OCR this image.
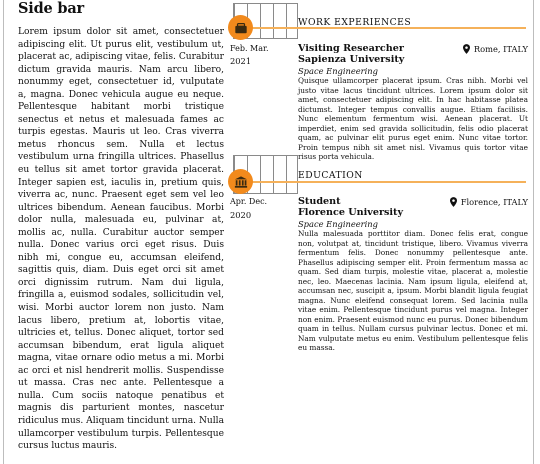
Side bar

Lorem ipsum dolor sit amet, consectetuer adipiscing elit. Ut purus elit, vestibulum ut, placerat ac, adipiscing vitae, felis. Curabitur dictum gravida mauris. Nam arcu libero, nonummy eget, consectetuer id, vulputate a, magna. Donec vehicula augue eu neque. Pellentesque habitant morbi tristique senectus et netus et malesuada fames ac turpis egestas. Mauris ut leo. Cras viverra metus rhoncus sem. Nulla et lectus vestibulum urna fringilla ultrices. Phasellus eu tellus sit amet tortor gravida placerat. Integer sapien est, iaculis in, pretium quis, viverra ac, nunc. Praesent eget sem vel leo ultrices bibendum. Aenean faucibus. Morbi dolor nulla, malesuada eu, pulvinar at, mollis ac, nulla. Curabitur auctor semper nulla. Donec varius orci eget risus. Duis nibh mi, congue eu, accumsan eleifend, sagittis quis, diam. Duis eget orci sit amet orci dignissim rutrum. Nam dui ligula, fringilla a, euismod sodales, sollicitudin vel, wisi. Morbi auctor lorem non justo. Nam lacus libero, pretium at, lobortis vitae, ultricies et, tellus. Donec aliquet, tortor sed accumsan bibendum, erat ligula aliquet magna, vitae ornare odio metus a mi. Morbi ac orci et nisl hendrerit mollis. Suspendisse ut massa. Cras nec ante. Pellentesque a nulla. Cum sociis natoque penatibus et magnis dis parturient montes, nascetur ridiculus mus. Aliquam tincidunt urna. Nulla ullamcorper vestibulum turpis. Pellentesque cursus luctus mauris.

WORK EXPERIENCES
Feb. Mar.
2021
Visiting Researcher	Rome, ITALY
Sapienza University
Space Engineering

Quisque ullamcorper placerat ipsum. Cras nibh. Morbi vel justo vitae lacus tincidunt ultrices. Lorem ipsum dolor sit amet, consectetuer adipiscing elit. In hac habitasse platea dictumst. Integer tempus convallis augue. Etiam facilisis. Nunc elementum fermentum wisi. Aenean placerat. Ut imperdiet, enim sed gravida sollicitudin, felis odio placerat quam, ac pulvinar elit purus eget enim. Nunc vitae tortor. Proin tempus nibh sit amet nisl. Vivamus quis tortor vitae risus porta vehicula.

EDUCATION
Apr. Dec.
2020
Student	Florence, ITALY
Florence University
Space Engineering

Nulla malesuada porttitor diam. Donec felis erat, congue non, volutpat at, tincidunt tristique, libero. Vivamus viverra fermentum felis. Donec nonummy pellentesque ante. Phasellus adipiscing semper elit. Proin fermentum massa ac quam. Sed diam turpis, molestie vitae, placerat a, molestie nec, leo. Maecenas lacinia. Nam ipsum ligula, eleifend at, accumsan nec, suscipit a, ipsum. Morbi blandit ligula feugiat magna. Nunc eleifend consequat lorem. Sed lacinia nulla vitae enim. Pellentesque tincidunt purus vel magna. Integer non enim. Praesent euismod nunc eu purus. Donec bibendum quam in tellus. Nullam cursus pulvinar lectus. Donec et mi. Nam vulputate metus eu enim. Vestibulum pellentesque felis eu massa.
